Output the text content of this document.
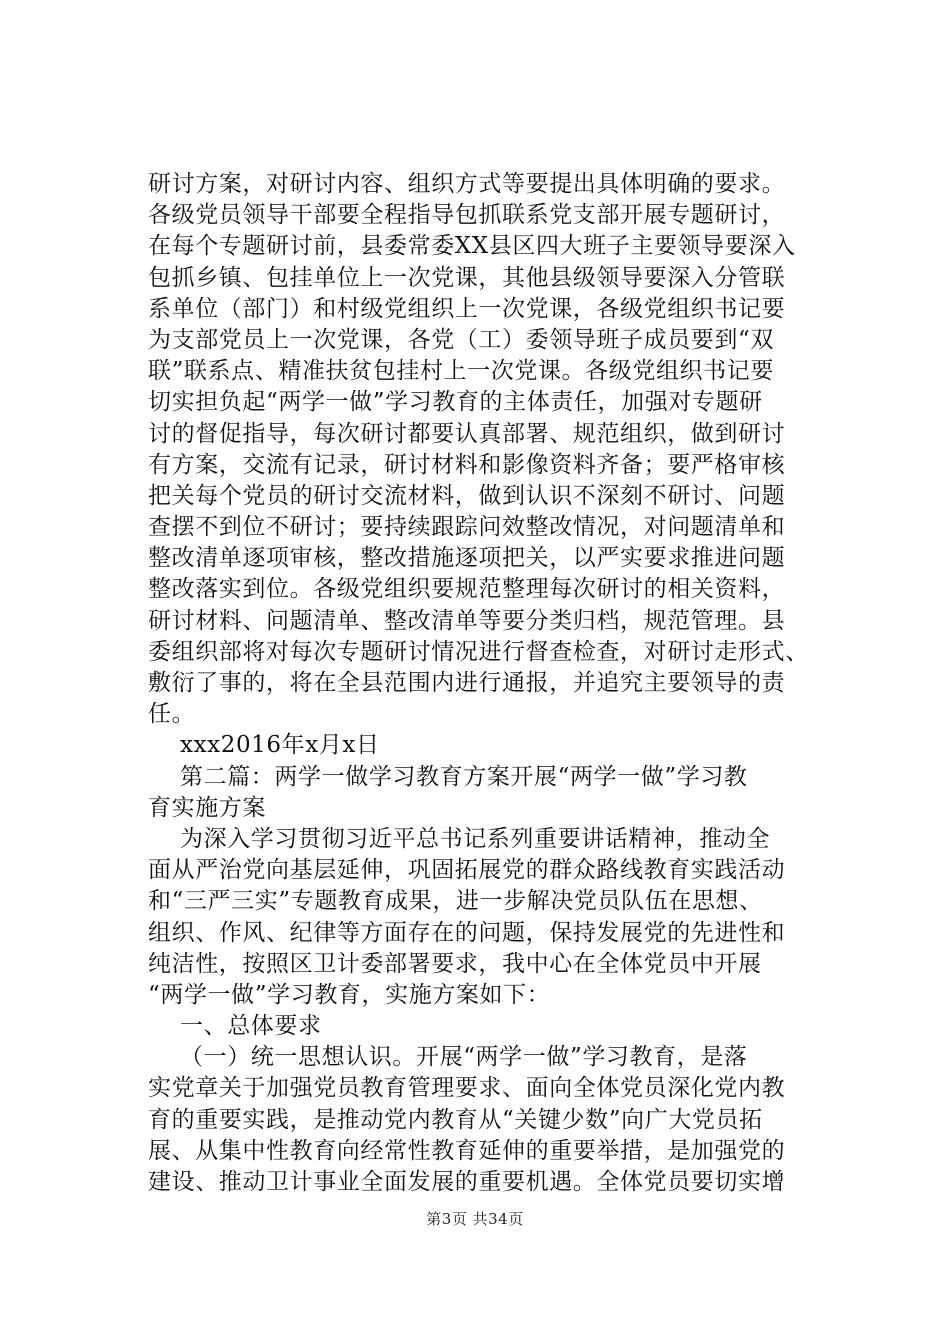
研讨方案，对研讨内容、组织方式等要提出具体明确的要求。
各级党员领导干部要全程指导包抓联系党支部开展专题研讨，
在每个专题研讨前，县委常委XX县区四大班子主要领导要深入
包抓乡镇、包挂单位上一次党课，其他县级领导要深入分管联
系单位（部门）和村级党组织上一次党课，各级党组织书记要
为支部党员上一次党课，各党（工）委领导班子成员要到“双
联”联系点、精准扶贫包挂村上一次党课。各级党组织书记要
切实担负起“两学一做”学习教育的主体责任，加强对专题研
讨的督促指导，每次研讨都要认真部署、规范组织，做到研讨
有方案，交流有记录，研讨材料和影像资料齐备；要严格审核
把关每个党员的研讨交流材料，做到认识不深刻不研讨、问题
查摆不到位不研讨；要持续跟踪问效整改情况，对问题清单和
整改清单逐项审核，整改措施逐项把关，以严实要求推进问题
整改落实到位。各级党组织要规范整理每次研讨的相关资料，
研讨材料、问题清单、整改清单等要分类归档，规范管理。县
委组织部将对每次专题研讨情况进行督查检查，对研讨走形式、
敷衍了事的，将在全县范围内进行通报，并追究主要领导的责
任。
xxx2016年x月x日
第二篇：两学一做学习教育方案开展“两学一做”学习教
育实施方案
为深入学习贯彻习近平总书记系列重要讲话精神，推动全
面从严治党向基层延伸，巩固拓展党的群众路线教育实践活动
和“三严三实”专题教育成果，进一步解决党员队伍在思想、
组织、作风、纪律等方面存在的问题，保持发展党的先进性和
纯洁性，按照区卫计委部署要求，我中心在全体党员中开展
“两学一做”学习教育，实施方案如下：
一、总体要求
（一）统一思想认识。开展“两学一做”学习教育，是落
实党章关于加强党员教育管理要求、面向全体党员深化党内教
育的重要实践，是推动党内教育从“关键少数”向广大党员拓
展、从集中性教育向经常性教育延伸的重要举措，是加强党的
建设、推动卫计事业全面发展的重要机遇。全体党员要切实增
第3页 共34页
